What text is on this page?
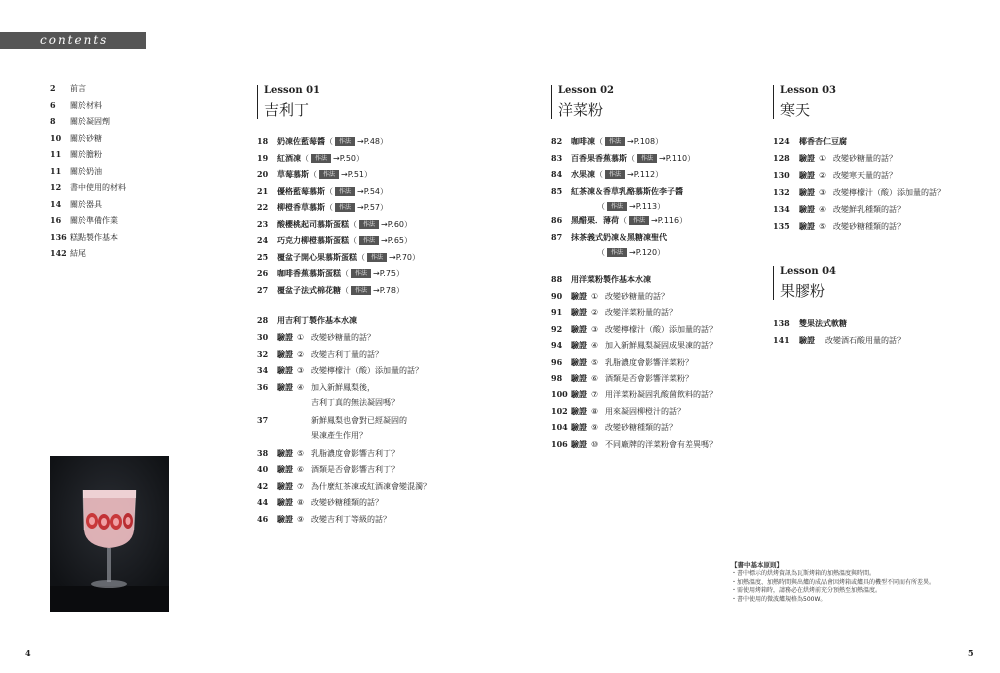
contents
2 前言
6 關於材料
8 關於凝固劑
10 關於砂糖
11 關於膽粉
11 關於奶油
12 書中使用的材料
14 關於器具
16 關於準備作業
136 糕點製作基本
142 結尾
Lesson 01
吉利丁
Lesson 02
洋菜粉
Lesson 03
寒天
Lesson 04
果膠粉
18 奶凍佐藍莓醬（ 作法 →P.48）
19 紅酒凍（ 作法 →P.50）
20 草莓慕斯（ 作法 →P.51）
21 優格藍莓慕斯（ 作法 →P.54）
22 柳橙香草慕斯（ 作法 →P.57）
23 酸櫻桃起司慕斯蛋糕（ 作法 →P.60）
24 巧克力柳橙慕斯蛋糕（ 作法 →P.65）
25 覆盆子開心果慕斯蛋糕（ 作法 →P.70）
26 咖啡香蕉慕斯蛋糕（ 作法 →P.75）
27 覆盆子法式棉花糖（ 作法 →P.78）
28 用吉利丁製作基本水凍
30 驗證 ① 改變砂糖量的話？
32 驗證 ② 改變吉利丁量的話？
34 驗證 ③ 改變檸檬汁（酸）添加量的話？
36 驗證 ④ 加入新鮮鳳梨後，
吉利丁真的無法凝固嗎？
37	新鮮鳳梨也會對已經凝固的
果凍產生作用？
38 驗證 ⑤ 乳脂濃度會影響吉利丁？
40 驗證 ⑥ 酒類是否會影響吉利丁？
42 驗證 ⑦ 為什麼紅茶凍或紅酒凍會變混濁？
44 驗證 ⑧ 改變砂糖種類的話？
46 驗證 ⑨ 改變吉利丁等級的話？
82 咖啡凍（ 作法 →P.108）
83 百香果香蕉慕斯（ 作法 →P.110）
84 水果凍（ 作法 →P.112）
85 紅茶凍＆香草乳酪慕斯佐李子醬
（ 作法 →P.113）
86 黑醋栗．薄荷（ 作法 →P.116）
87 抹茶義式奶凍＆黑糖凍聖代
（ 作法 →P.120）
88 用洋菜粉製作基本水凍
90 驗證 ① 改變砂糖量的話？
91 驗證 ② 改變洋菜粉量的話？
92 驗證 ③ 改變檸檬汁（酸）添加量的話？
94 驗證 ④ 加入新鮮鳳梨凝固成果凍的話？
96 驗證 ⑤ 乳脂濃度會影響洋菜粉？
98 驗證 ⑥ 酒類是否會影響洋菜粉？
100 驗證 ⑦ 用洋菜粉凝固乳酸菌飲料的話？
102 驗證 ⑧ 用來凝固柳橙汁的話？
104 驗證 ⑨ 改變砂糖種類的話？
106 驗證 ⑩ 不同廠牌的洋菜粉會有差異嗎？
124 椰香杏仁豆腐
128 驗證 ① 改變砂糖量的話？
130 驗證 ② 改變寒天量的話？
132 驗證 ③ 改變檸檬汁（酸）添加量的話？
134 驗證 ④ 改變鮮乳種類的話？
135 驗證 ⑤ 改變砂糖種類的話？
138 雙果法式軟糖
141 驗證 改變酒石酸用量的話？
【書中基本原則】
・書中標示的烘烤資訊為瓦斯烤箱的加熱溫度與時間。
・加熱溫度、加熱時間與出爐的成品會因烤箱或爐具的機型不同而有所差異。
・需使用烤箱時，請務必在烘烤前充分預熱至加熱溫度。
・書中使用的微波爐規格為500W。
4	5
